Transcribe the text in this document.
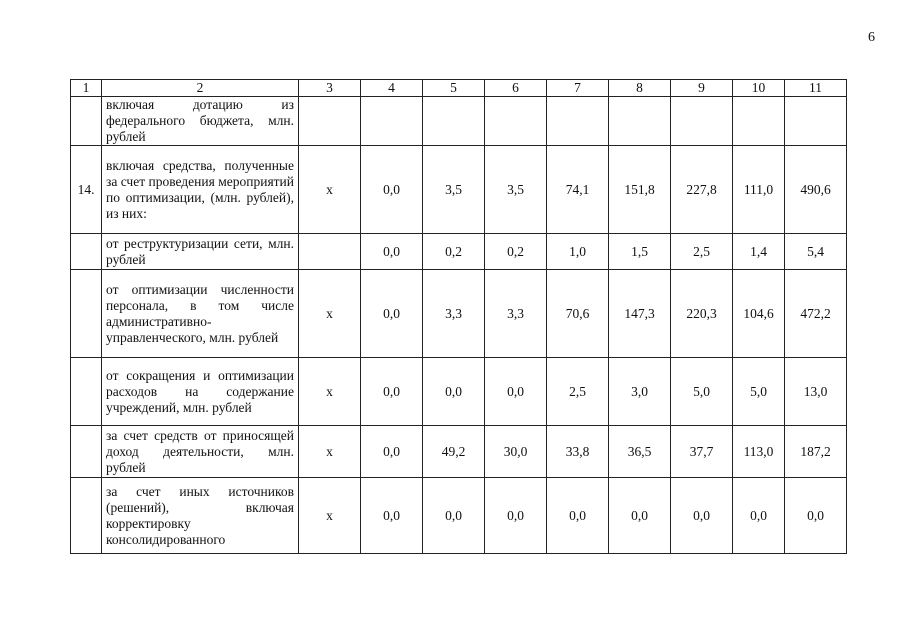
6
1	2	3	4	5	6	7	8	9	10	11
	включая дотацию из федерального бюджета, млн. рублей									
14.	включая средства, полученные за счет проведения мероприятий по оптимизации, (млн. рублей), из них:	x	0,0	3,5	3,5	74,1	151,8	227,8	111,0	490,6
	от реструктуризации сети, млн. рублей		0,0	0,2	0,2	1,0	1,5	2,5	1,4	5,4
	от оптимизации численности персонала, в том числе административно-управленческого, млн. рублей	x	0,0	3,3	3,3	70,6	147,3	220,3	104,6	472,2
	от сокращения и оптимизации расходов на содержание учреждений, млн. рублей	x	0,0	0,0	0,0	2,5	3,0	5,0	5,0	13,0
	за счет средств от приносящей доход деятельности, млн. рублей	x	0,0	49,2	30,0	33,8	36,5	37,7	113,0	187,2
	за счет иных источников (решений), включая корректировку консолидированного	x	0,0	0,0	0,0	0,0	0,0	0,0	0,0	0,0
